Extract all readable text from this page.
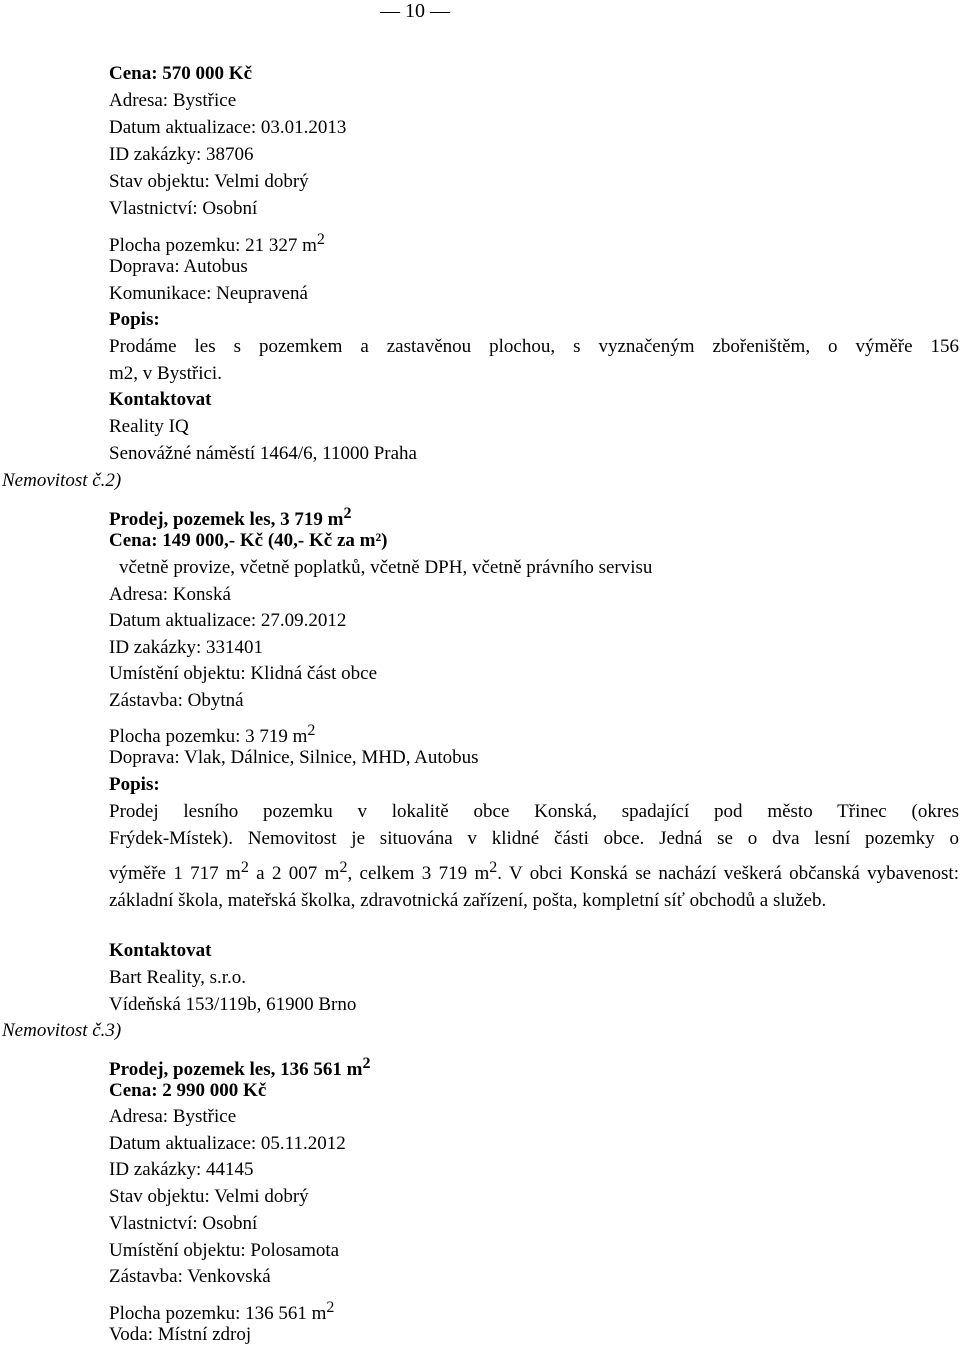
— 10 —
Cena: 570 000 Kč
Adresa: Bystřice
Datum aktualizace: 03.01.2013
ID zakázky: 38706
Stav objektu: Velmi dobrý
Vlastnictví: Osobní
Plocha pozemku: 21 327 $m^2$
Doprava: Autobus
Komunikace: Neupravená
Popis:
Prodáme les s pozemkem a zastavěnou plochou, s vyznačeným zbořeništěm, o výměře 156
m2, v Bystřici.
Kontaktovat
Reality IQ
Senovážné náměstí 1464/6, 11000 Praha
Nemovitost č.2)
Prodej, pozemek les, 3 719 $m^2$
Cena: 149 000,- Kč (40,- Kč za m²)
včetně provize, včetně poplatků, včetně DPH, včetně právního servisu
Adresa: Konská
Datum aktualizace: 27.09.2012
ID zakázky: 331401
Umístění objektu: Klidná část obce
Zástavba: Obytná
Plocha pozemku: 3 719 $m^2$
Doprava: Vlak, Dálnice, Silnice, MHD, Autobus
Popis:
Prodej lesního pozemku v lokalitě obce Konská, spadající pod město Třinec (okres
Frýdek-Místek). Nemovitost je situována v klidné části obce. Jedná se o dva lesní pozemky o
výměře 1 717 $m^2$ a 2 007 $m^2$, celkem 3 719 $m^2$. V obci Konská se nachází veškerá občanská vybavenost: základní škola, mateřská školka, zdravotnická zařízení, pošta, kompletní síť obchodů a služeb.
Kontaktovat
Bart Reality, s.r.o.
Vídeňská 153/119b, 61900 Brno
Nemovitost č.3)
Prodej, pozemek les, 136 561 $m^2$
Cena: 2 990 000 Kč
Adresa: Bystřice
Datum aktualizace: 05.11.2012
ID zakázky: 44145
Stav objektu: Velmi dobrý
Vlastnictví: Osobní
Umístění objektu: Polosamota
Zástavba: Venkovská
Plocha pozemku: 136 561 $m^2$
Voda: Místní zdroj
